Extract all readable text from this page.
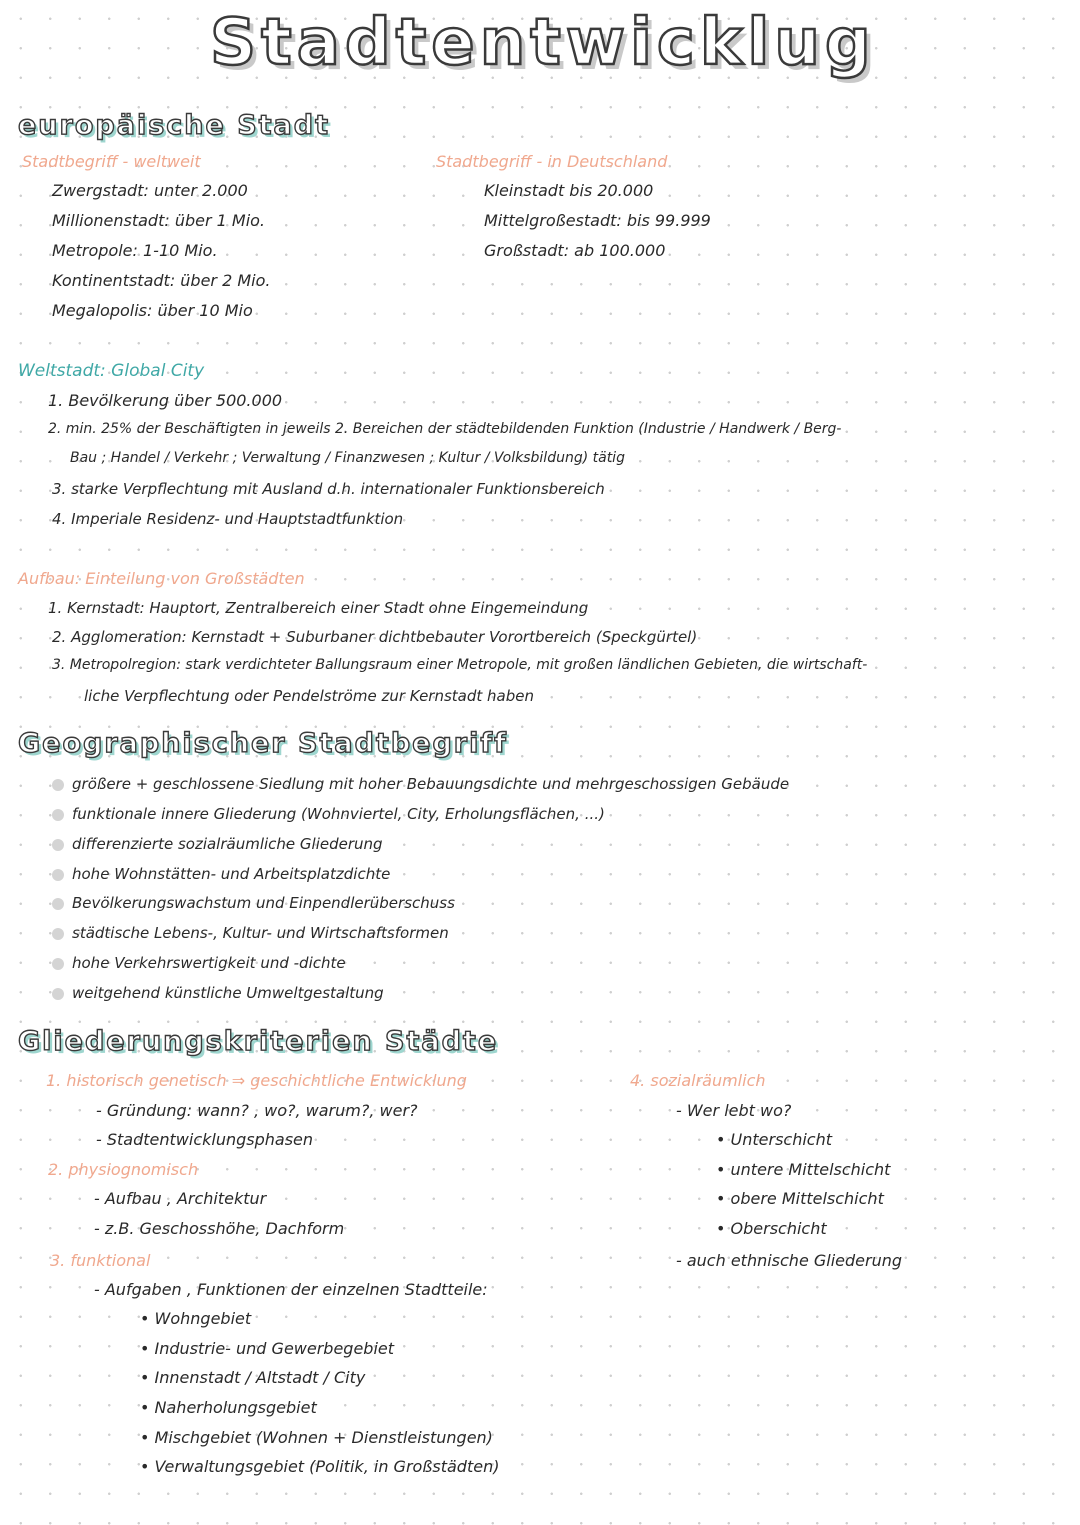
Stadtentwicklug
europäische Stadt
Stadtbegriff - weltweit
Zwergstadt: unter 2.000
Millionenstadt: über 1 Mio.
Metropole: 1-10 Mio.
Kontinentstadt: über 2 Mio.
Megalopolis: über 10 Mio
Stadtbegriff - in Deutschland
Kleinstadt bis 20.000
Mittelgroßestadt: bis 99.999
Großstadt: ab 100.000
Weltstadt: Global City
1. Bevölkerung über 500.000
2. min. 25% der Beschäftigten in jeweils 2. Bereichen der städtebildenden Funktion (Industrie / Handwerk / Berg-
Bau ; Handel / Verkehr ; Verwaltung / Finanzwesen ; Kultur / Volksbildung) tätig
3. starke Verpflechtung mit Ausland d.h. internationaler Funktionsbereich
4. Imperiale Residenz- und Hauptstadtfunktion
Aufbau: Einteilung von Großstädten
1. Kernstadt: Hauptort, Zentralbereich einer Stadt ohne Eingemeindung
2. Agglomeration: Kernstadt + Suburbaner dichtbebauter Vorortbereich (Speckgürtel)
3. Metropolregion: stark verdichteter Ballungsraum einer Metropole, mit großen ländlichen Gebieten, die wirtschaft-
liche Verpflechtung oder Pendelströme zur Kernstadt haben
Geographischer Stadtbegriff
größere + geschlossene Siedlung mit hoher Bebauungsdichte und mehrgeschossigen Gebäude
funktionale innere Gliederung (Wohnviertel, City, Erholungsflächen, ...)
differenzierte sozialräumliche Gliederung
hohe Wohnstätten- und Arbeitsplatzdichte
Bevölkerungswachstum und Einpendlerüberschuss
städtische Lebens-, Kultur- und Wirtschaftsformen
hohe Verkehrswertigkeit und -dichte
weitgehend künstliche Umweltgestaltung
Gliederungskriterien Städte
1. historisch genetisch ⇒ geschichtliche Entwicklung
- Gründung: wann? , wo?, warum?, wer?
- Stadtentwicklungsphasen
2. physiognomisch
- Aufbau , Architektur
- z.B. Geschosshöhe, Dachform
3. funktional
- Aufgaben , Funktionen der einzelnen Stadtteile:
• Wohngebiet
• Industrie- und Gewerbegebiet
• Innenstadt / Altstadt / City
• Naherholungsgebiet
• Mischgebiet (Wohnen + Dienstleistungen)
• Verwaltungsgebiet (Politik, in Großstädten)
4. sozialräumlich
- Wer lebt wo?
• Unterschicht
• untere Mittelschicht
• obere Mittelschicht
• Oberschicht
- auch ethnische Gliederung
